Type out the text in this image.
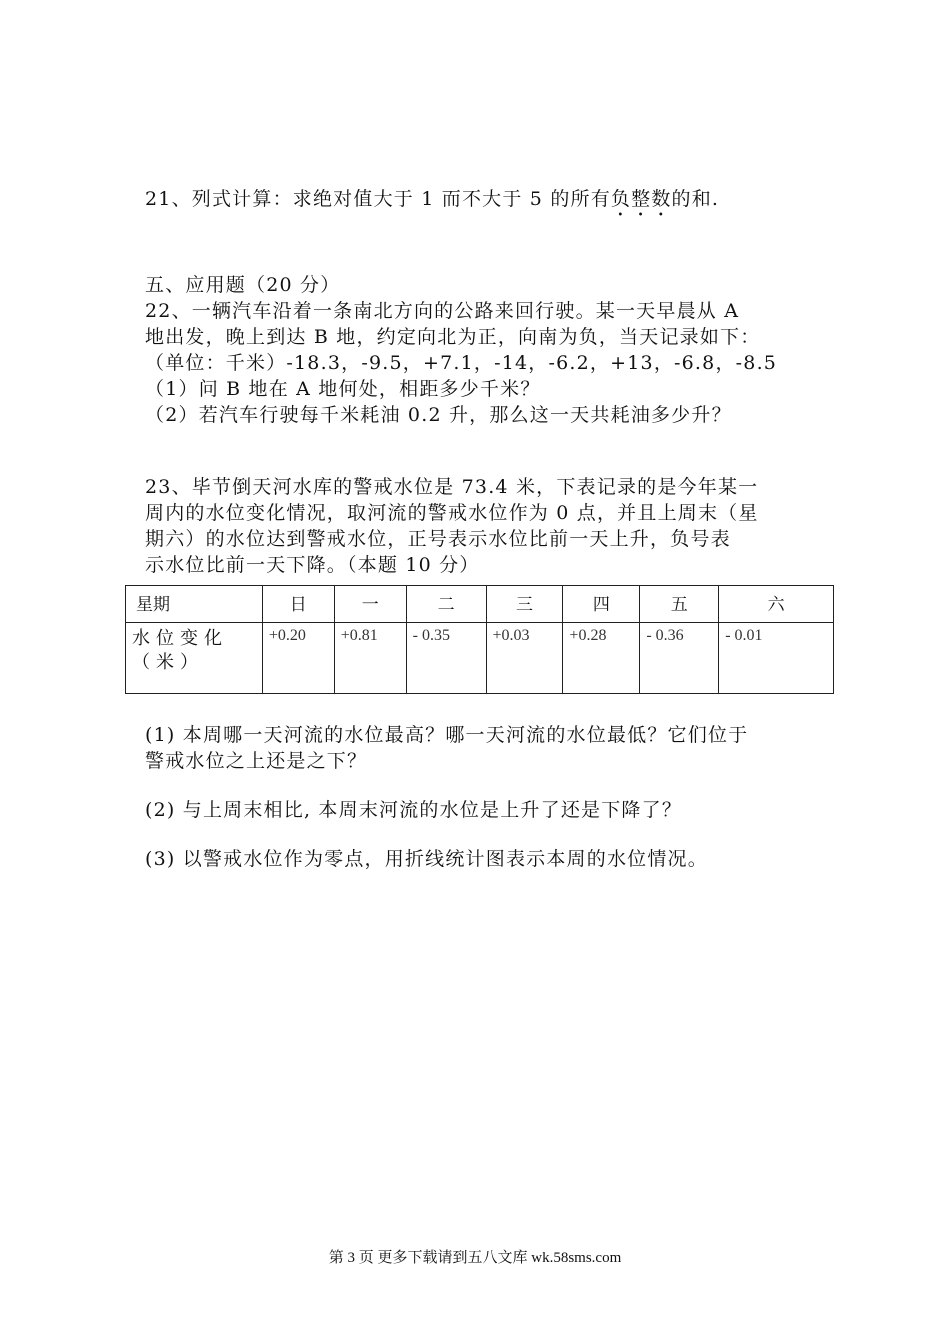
21、列式计算：求绝对值大于 1 而不大于 5 的所有负整数的和.
五、应用题（20 分）
22、一辆汽车沿着一条南北方向的公路来回行驶。某一天早晨从 A
地出发，晚上到达 B 地，约定向北为正，向南为负，当天记录如下：
（单位：千米）-18.3，-9.5，+7.1，-14，-6.2，+13，-6.8，-8.5
（1）问 B 地在 A 地何处，相距多少千米？
（2）若汽车行驶每千米耗油 0.2 升，那么这一天共耗油多少升？
23、毕节倒天河水库的警戒水位是 73.4 米，下表记录的是今年某一
周内的水位变化情况，取河流的警戒水位作为 0 点，并且上周末（星
期六）的水位达到警戒水位，正号表示水位比前一天上升，负号表
示水位比前一天下降。（本题 10 分）
星期	日	一	二	三	四	五	六
水位变化（米）	+0.20	+0.81	- 0.35	+0.03	+0.28	- 0.36	- 0.01
(1) 本周哪一天河流的水位最高？哪一天河流的水位最低？它们位于
警戒水位之上还是之下？
(2) 与上周末相比, 本周末河流的水位是上升了还是下降了？
(3) 以警戒水位作为零点，用折线统计图表示本周的水位情况。
第 3 页 更多下载请到五八文库 wk.58sms.com
